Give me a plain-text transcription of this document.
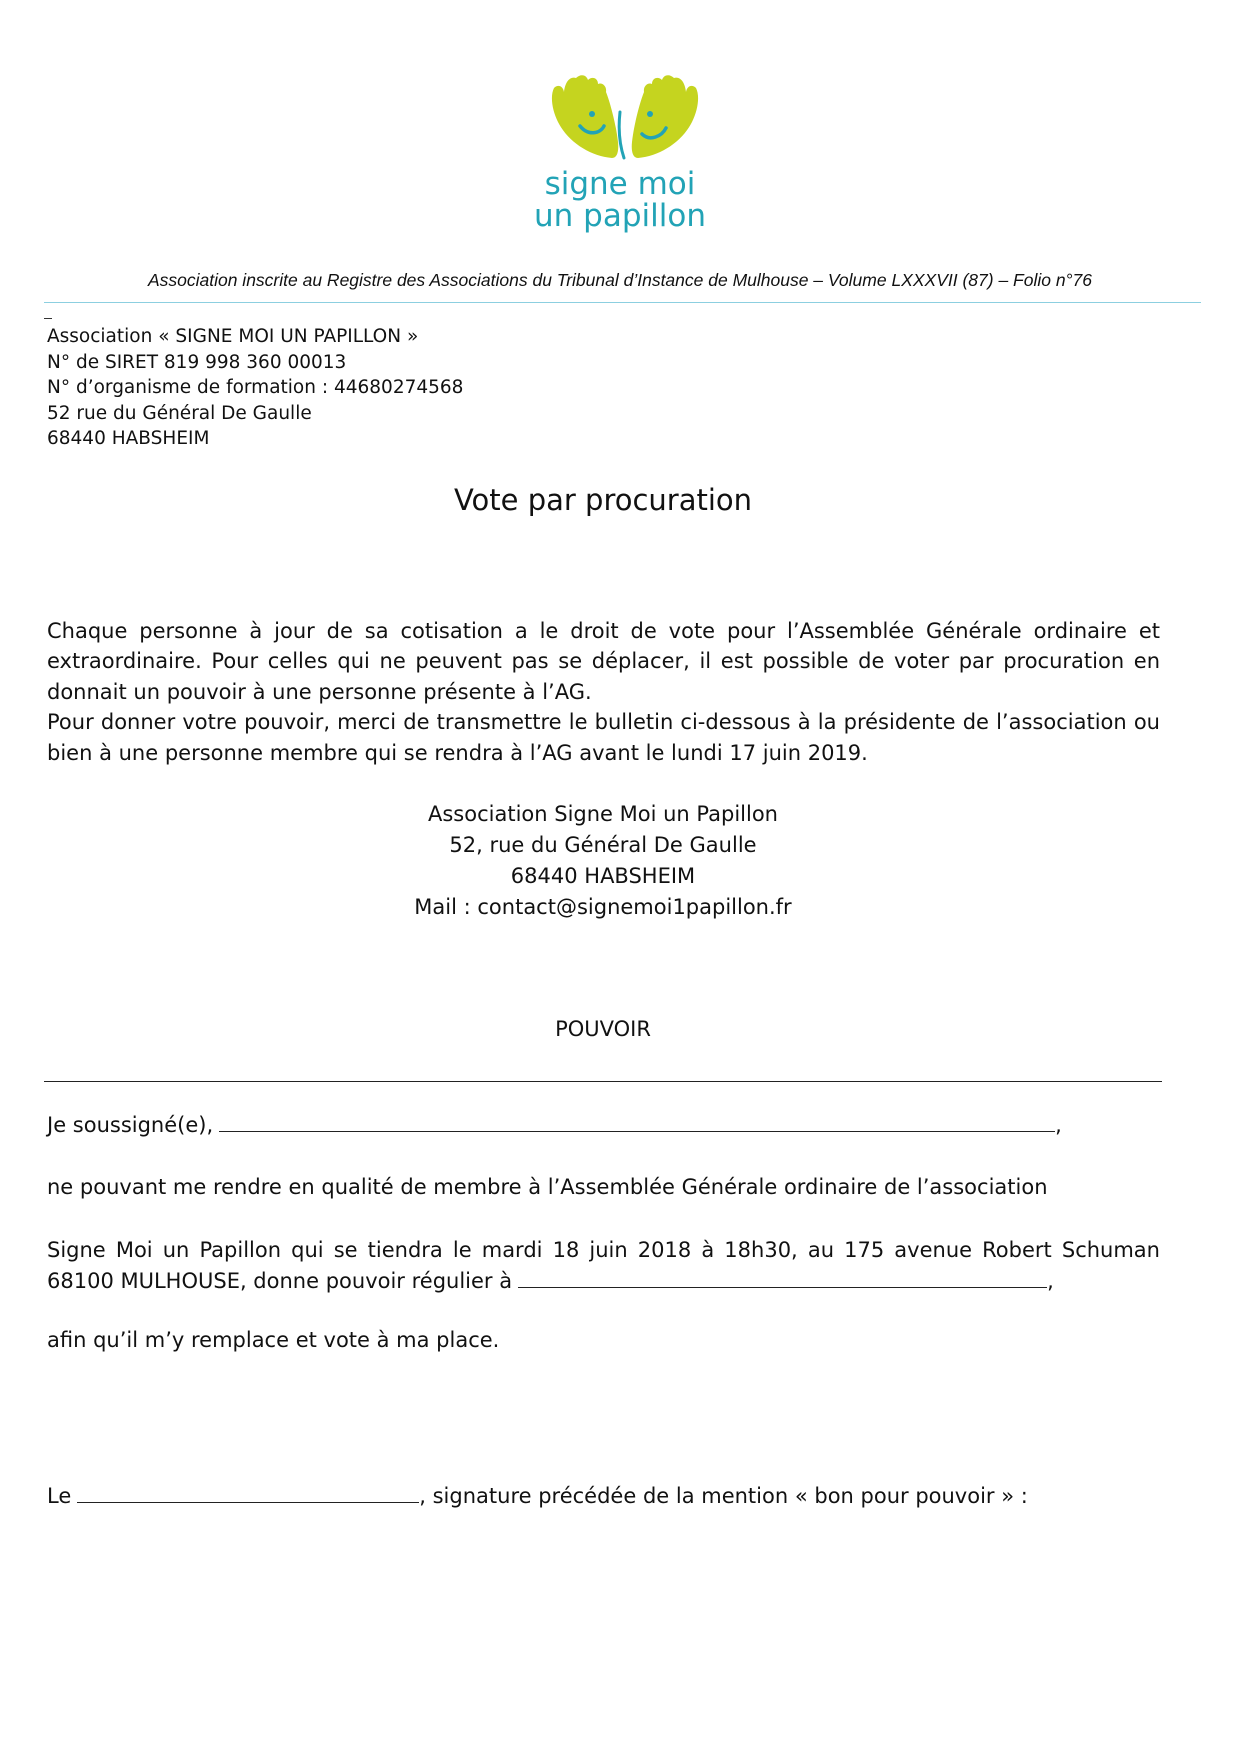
signe moi
un papillon
Association inscrite au Registre des Associations du Tribunal d’Instance de Mulhouse – Volume LXXXVII (87) – Folio n°76
Association « SIGNE MOI UN PAPILLON »
N° de SIRET 819 998 360 00013
N° d’organisme de formation : 44680274568
52 rue du Général De Gaulle
68440 HABSHEIM
Vote par procuration

Chaque personne à jour de sa cotisation a le droit de vote pour l’Assemblée Générale ordinaire et extraordinaire. Pour celles qui ne peuvent pas se déplacer, il est possible de voter par procuration en donnait un pouvoir à une personne présente à l’AG.

Pour donner votre pouvoir, merci de transmettre le bulletin ci-dessous à la présidente de l’association ou bien à une personne membre qui se rendra à l’AG avant le lundi 17 juin 2019.

Association Signe Moi un Papillon
52, rue du Général De Gaulle
68440 HABSHEIM
Mail : contact@signemoi1papillon.fr
POUVOIR
Je soussigné(e),	,
ne pouvant me rendre en qualité de membre à l’Assemblée Générale ordinaire de l’association
Signe Moi un Papillon qui se tiendra le mardi 18 juin 2018 à 18h30, au 175 avenue Robert Schuman
68100 MULHOUSE, donne pouvoir régulier à	,
afin qu’il m’y remplace et vote à ma place.
Le	, signature précédée de la mention « bon pour pouvoir » :
